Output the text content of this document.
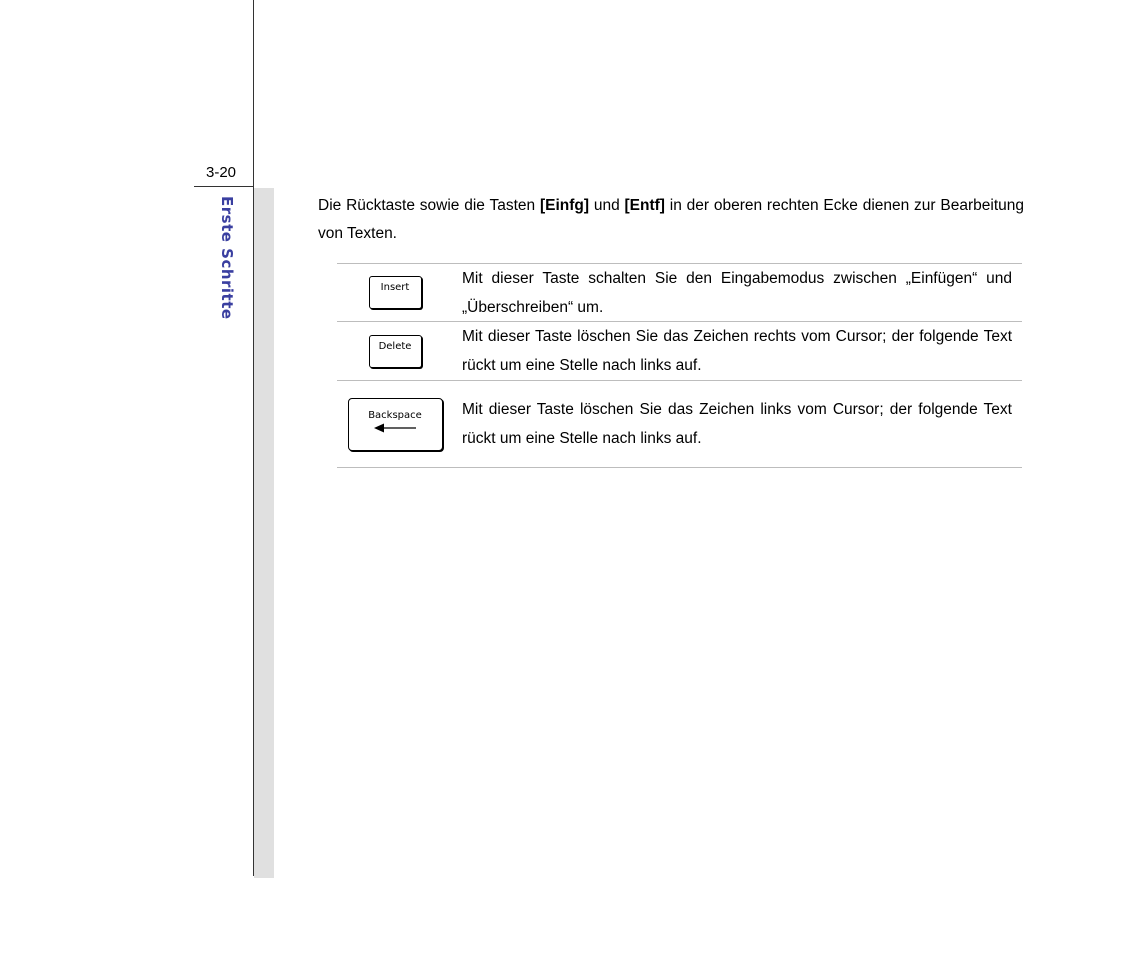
3-20
Erste Schritte	Die Rücktaste sowie die Tasten [Einfg] und [Entf] in der oberen rechten Ecke dienen zur Bearbeitung von Texten.

Insert
Mit dieser Taste schalten Sie den Eingabemodus zwischen „Einfügen“ und „Überschreiben“ um.
Delete
Mit dieser Taste löschen Sie das Zeichen rechts vom Cursor; der folgende Text rückt um eine Stelle nach links auf.
Backspace	Mit dieser Taste löschen Sie das Zeichen links vom Cursor; der folgende Text rückt um eine Stelle nach links auf.
